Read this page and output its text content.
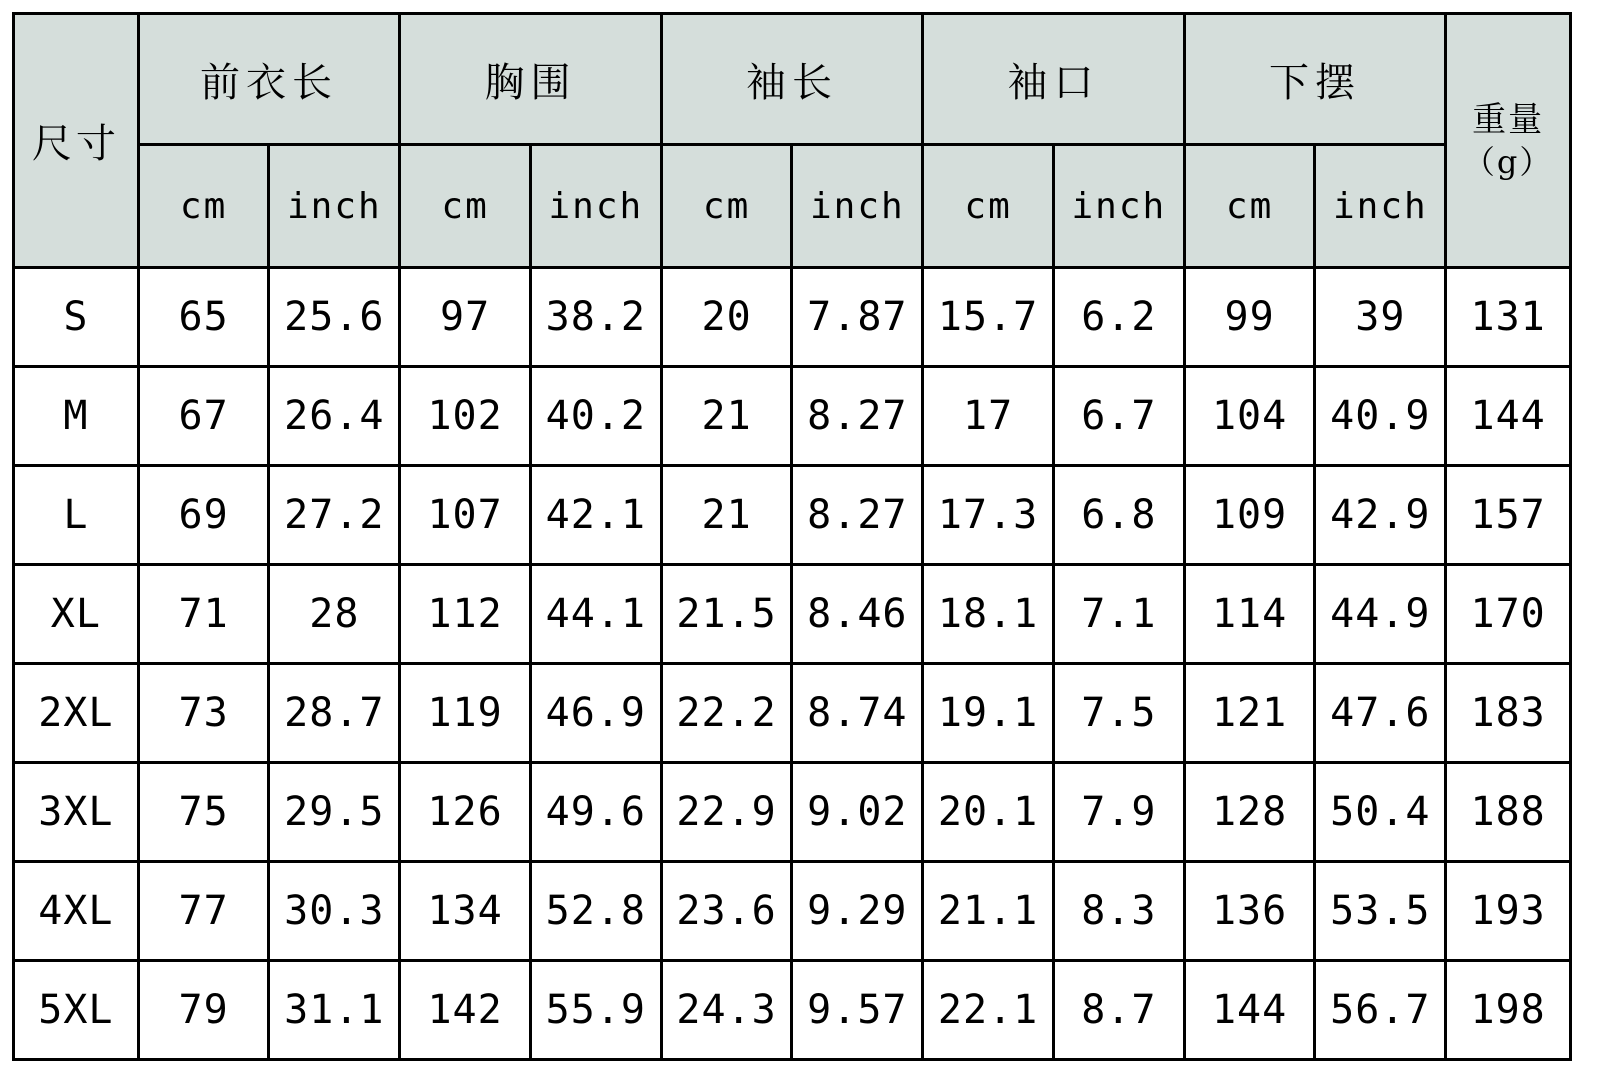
尺寸	前衣长		胸围		袖长		袖口		下摆		重量
（g）

	cm	inch	cm	inch	cm	inch	cm	inch	cm	inch	
S	65	25.6	97	38.2	20	7.87	15.7	6.2	99	39	131
M	67	26.4	102	40.2	21	8.27	17	6.7	104	40.9	144
L	69	27.2	107	42.1	21	8.27	17.3	6.8	109	42.9	157
XL	71	28	112	44.1	21.5	8.46	18.1	7.1	114	44.9	170
2XL	73	28.7	119	46.9	22.2	8.74	19.1	7.5	121	47.6	183
3XL	75	29.5	126	49.6	22.9	9.02	20.1	7.9	128	50.4	188
4XL	77	30.3	134	52.8	23.6	9.29	21.1	8.3	136	53.5	193
5XL	79	31.1	142	55.9	24.3	9.57	22.1	8.7	144	56.7	198
